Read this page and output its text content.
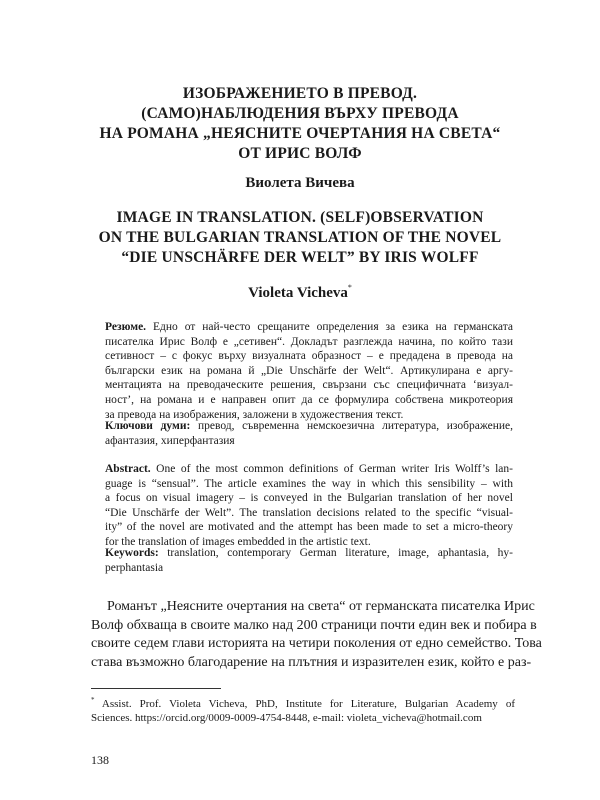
ИЗОБРАЖЕНИЕТО В ПРЕВОД.
(САМО)НАБЛЮДЕНИЯ ВЪРХУ ПРЕВОДА
НА РОМАНА „НЕЯСНИТЕ ОЧЕРТАНИЯ НА СВЕТА“
ОТ ИРИС ВОЛФ
Виолета Вичева
IMAGE IN TRANSLATION. (SELF)OBSERVATION
ON THE BULGARIAN TRANSLATION OF THE NOVEL
“DIE UNSCHÄRFE DER WELT” BY IRIS WOLFF
Violeta Vicheva*
Резюме. Едно от най-често срещаните определения за езика на германската
писателка Ирис Волф е „сетивен“. Докладът разглежда начина, по който тази
сетивност – с фокус върху визуалната образност – е предадена в превода на
български език на романа й „Die Unschärfe der Welt“. Артикулирана е аргу-
ментацията на преводаческите решения, свързани със специфичната ‘визуал-
ност’, на романа и е направен опит да се формулира собствена микротеория
за превода на изображения, заложени в художествения текст.
Ключови думи: превод, съвременна немскоезична литература, изображение,
афантазия, хиперфантазия
Abstract. One of the most common definitions of German writer Iris Wolff’s lan-
guage is “sensual”. The article examines the way in which this sensibility – with
a focus on visual imagery – is conveyed in the Bulgarian translation of her novel
“Die Unschärfe der Welt”. The translation decisions related to the specific “visual-
ity” of the novel are motivated and the attempt has been made to set a micro-theory
for the translation of images embedded in the artistic text.
Keywords: translation, contemporary German literature, image, aphantasia, hy-
perphantasia
Романът „Неясните очертания на света“ от германската писателка Ирис
Волф обхваща в своите малко над 200 страници почти един век и побира в
своите седем глави историята на четири поколения от едно семейство. Това
става възможно благодарение на плътния и изразителен език, който е раз-
* Assist. Prof. Violeta Vicheva, PhD, Institute for Literature, Bulgarian Academy of
Sciences. https://orcid.org/0009-0009-4754-8448, e-mail: violeta_vicheva@hotmail.com
138
